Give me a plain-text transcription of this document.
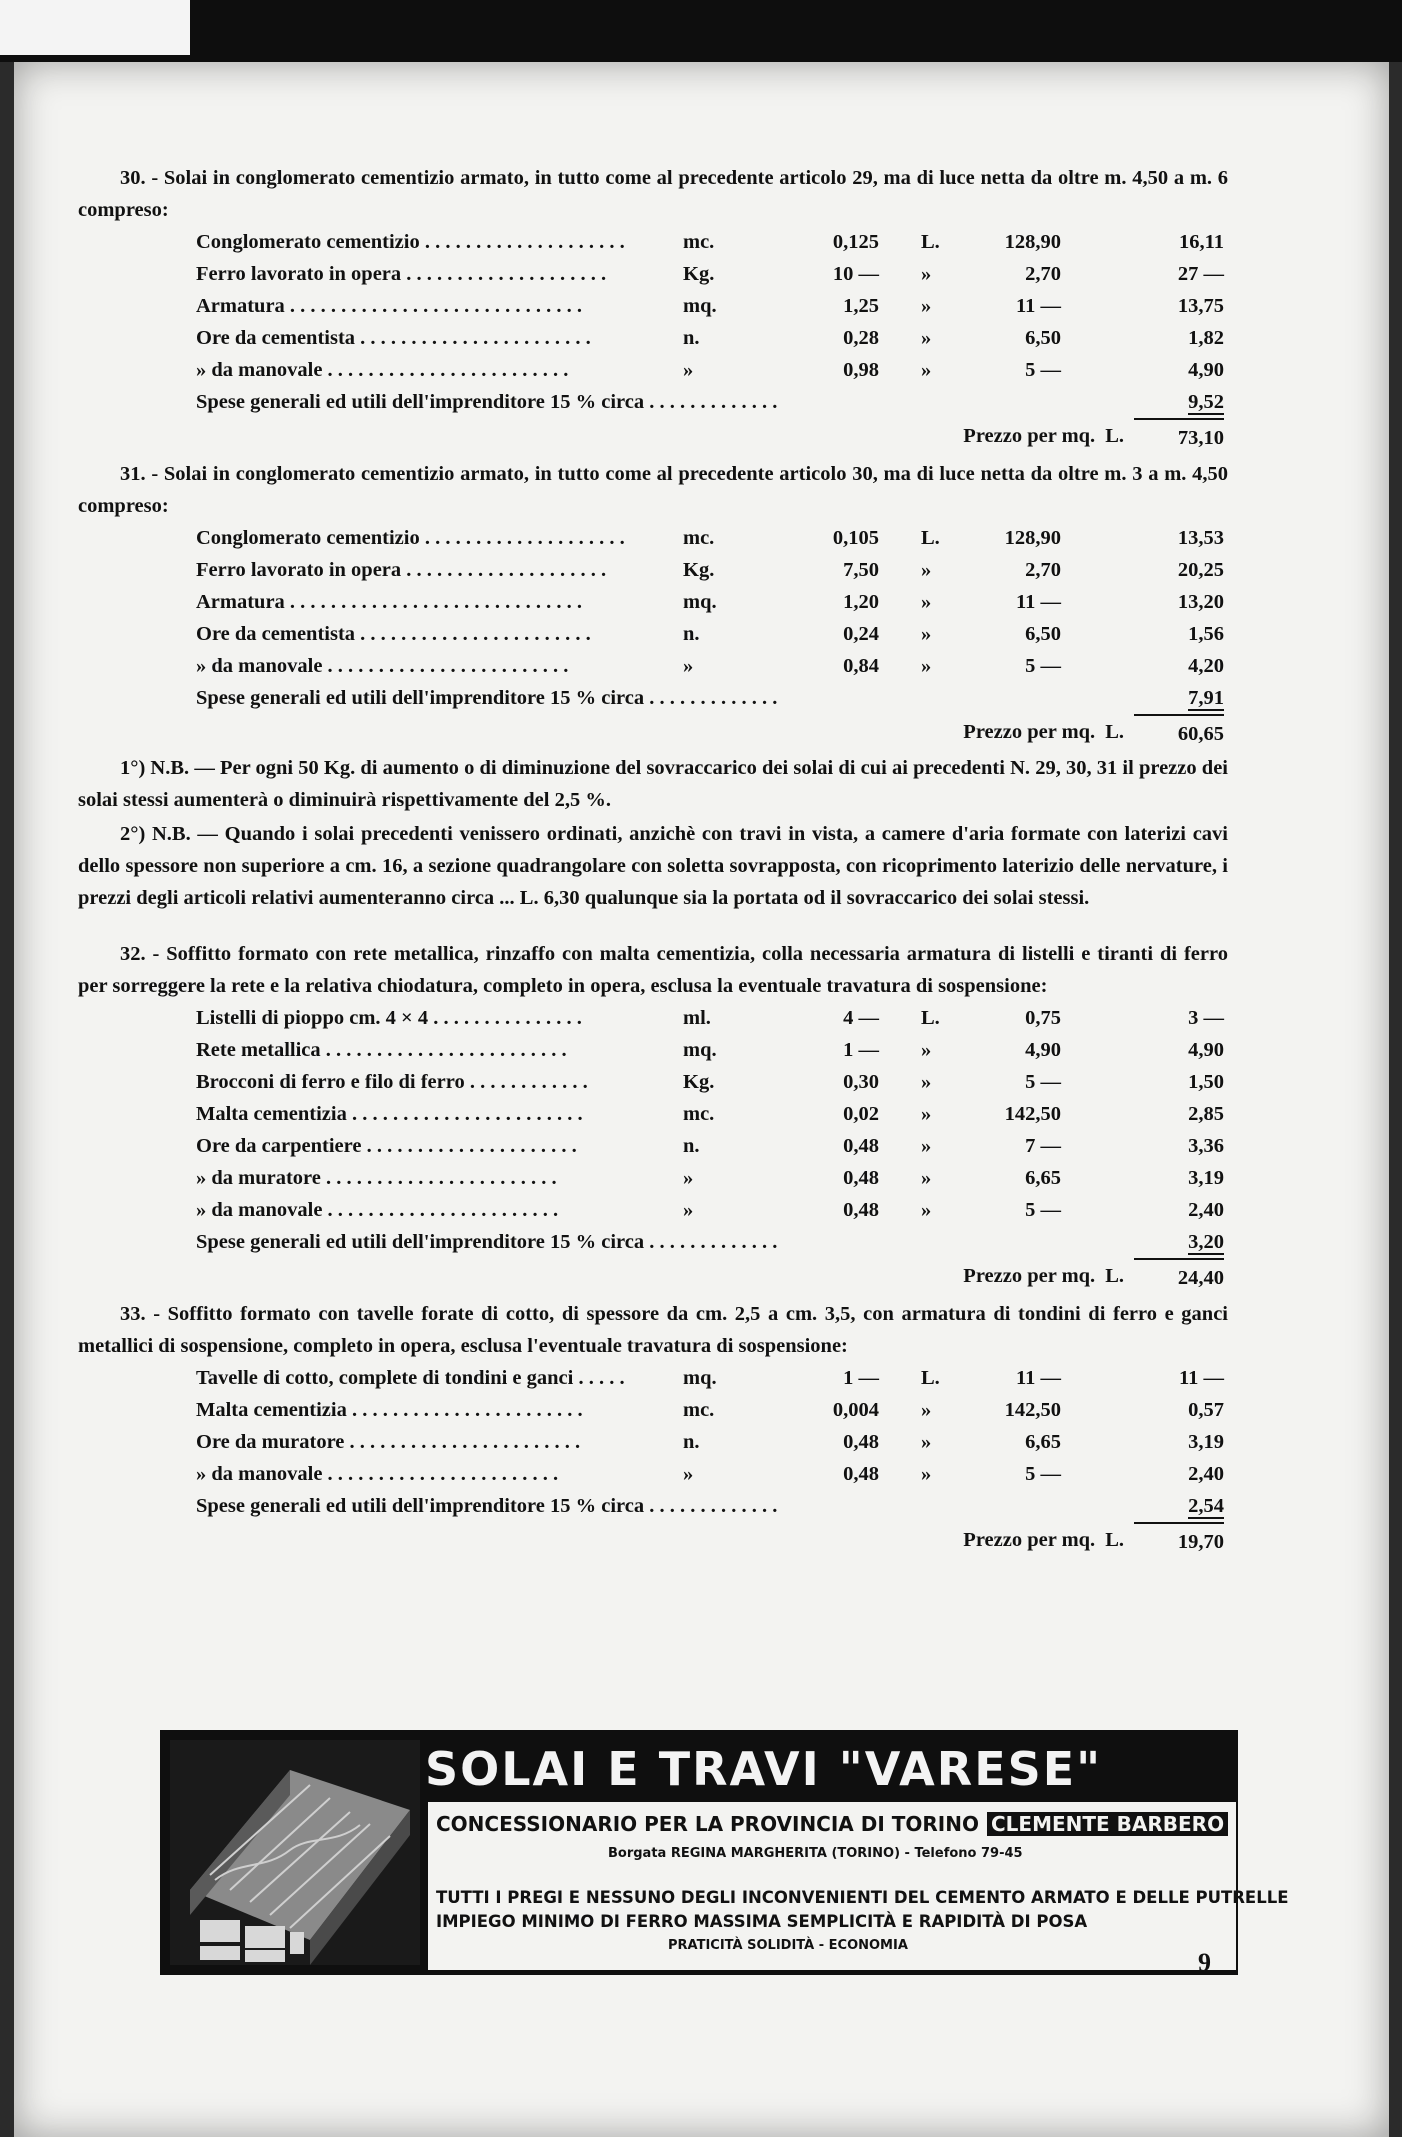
30. - Solai in conglomerato cementizio armato, in tutto come al precedente articolo 29, ma di luce netta da oltre m. 4,50 a m. 6 compreso:

Conglomerato cementizio . . . . . . . . . . . . . . . . . . . .	mc.	0,125	L.	128,90	16,11
Ferro lavorato in opera . . . . . . . . . . . . . . . . . . . .	Kg.	10 —	»	2,70	27 —
Armatura . . . . . . . . . . . . . . . . . . . . . . . . . . . . .	mq.	1,25	»	11 —	13,75
Ore da cementista . . . . . . . . . . . . . . . . . . . . . . .	n.	0,28	»	6,50	1,82
» da manovale . . . . . . . . . . . . . . . . . . . . . . . .	»	0,98	»	5 —	4,90
Spese generali ed utili dell'imprenditore 15 % circa . . . . . . . . . . . . .	9,52
Prezzo per mq. L.	73,10

31. - Solai in conglomerato cementizio armato, in tutto come al precedente articolo 30, ma di luce netta da oltre m. 3 a m. 4,50 compreso:

Conglomerato cementizio . . . . . . . . . . . . . . . . . . . .	mc.	0,105	L.	128,90	13,53
Ferro lavorato in opera . . . . . . . . . . . . . . . . . . . .	Kg.	7,50	»	2,70	20,25
Armatura . . . . . . . . . . . . . . . . . . . . . . . . . . . . .	mq.	1,20	»	11 —	13,20
Ore da cementista . . . . . . . . . . . . . . . . . . . . . . .	n.	0,24	»	6,50	1,56
» da manovale . . . . . . . . . . . . . . . . . . . . . . . .	»	0,84	»	5 —	4,20
Spese generali ed utili dell'imprenditore 15 % circa . . . . . . . . . . . . .	7,91
Prezzo per mq. L.	60,65

1°) N.B. — Per ogni 50 Kg. di aumento o di diminuzione del sovraccarico dei solai di cui ai precedenti N. 29, 30, 31 il prezzo dei solai stessi aumenterà o diminuirà rispettivamente del 2,5 %.

2°) N.B. — Quando i solai precedenti venissero ordinati, anzichè con travi in vista, a camere d'aria formate con laterizi cavi dello spessore non superiore a cm. 16, a sezione quadrangolare con soletta sovrapposta, con ricoprimento laterizio delle nervature, i prezzi degli articoli relativi aumenteranno circa ... L. 6,30 qualunque sia la portata od il sovraccarico dei solai stessi.

32. - Soffitto formato con rete metallica, rinzaffo con malta cementizia, colla necessaria armatura di listelli e tiranti di ferro per sorreggere la rete e la relativa chiodatura, completo in opera, esclusa la eventuale travatura di sospensione:

Listelli di pioppo cm. 4 × 4 . . . . . . . . . . . . . . .	ml.	4 —	L.	0,75	3 —
Rete metallica . . . . . . . . . . . . . . . . . . . . . . . .	mq.	1 —	»	4,90	4,90
Brocconi di ferro e filo di ferro . . . . . . . . . . . .	Kg.	0,30	»	5 —	1,50
Malta cementizia . . . . . . . . . . . . . . . . . . . . . . .	mc.	0,02	»	142,50	2,85
Ore da carpentiere . . . . . . . . . . . . . . . . . . . . .	n.	0,48	»	7 —	3,36
» da muratore . . . . . . . . . . . . . . . . . . . . . . .	»	0,48	»	6,65	3,19
» da manovale . . . . . . . . . . . . . . . . . . . . . . .	»	0,48	»	5 —	2,40
Spese generali ed utili dell'imprenditore 15 % circa . . . . . . . . . . . . .	3,20
Prezzo per mq. L.	24,40

33. - Soffitto formato con tavelle forate di cotto, di spessore da cm. 2,5 a cm. 3,5, con armatura di tondini di ferro e ganci metallici di sospensione, completo in opera, esclusa l'eventuale travatura di sospensione:

Tavelle di cotto, complete di tondini e ganci . . . . .	mq.	1 —	L.	11 —	11 —
Malta cementizia . . . . . . . . . . . . . . . . . . . . . . .	mc.	0,004	»	142,50	0,57
Ore da muratore . . . . . . . . . . . . . . . . . . . . . . .	n.	0,48	»	6,65	3,19
» da manovale . . . . . . . . . . . . . . . . . . . . . . .	»	0,48	»	5 —	2,40
Spese generali ed utili dell'imprenditore 15 % circa . . . . . . . . . . . . .	2,54
Prezzo per mq. L.	19,70
SOLAI E TRAVI "VARESE"
CONCESSIONARIO PER LA PROVINCIA DI TORINO CLEMENTE BARBERO
Borgata REGINA MARGHERITA (TORINO) - Telefono 79-45
TUTTI I PREGI E NESSUNO DEGLI INCONVENIENTI DEL CEMENTO ARMATO E DELLE PUTRELLE
IMPIEGO MINIMO DI FERRO MASSIMA SEMPLICITÀ E RAPIDITÀ DI POSA
PRATICITÀ SOLIDITÀ - ECONOMIA
9
